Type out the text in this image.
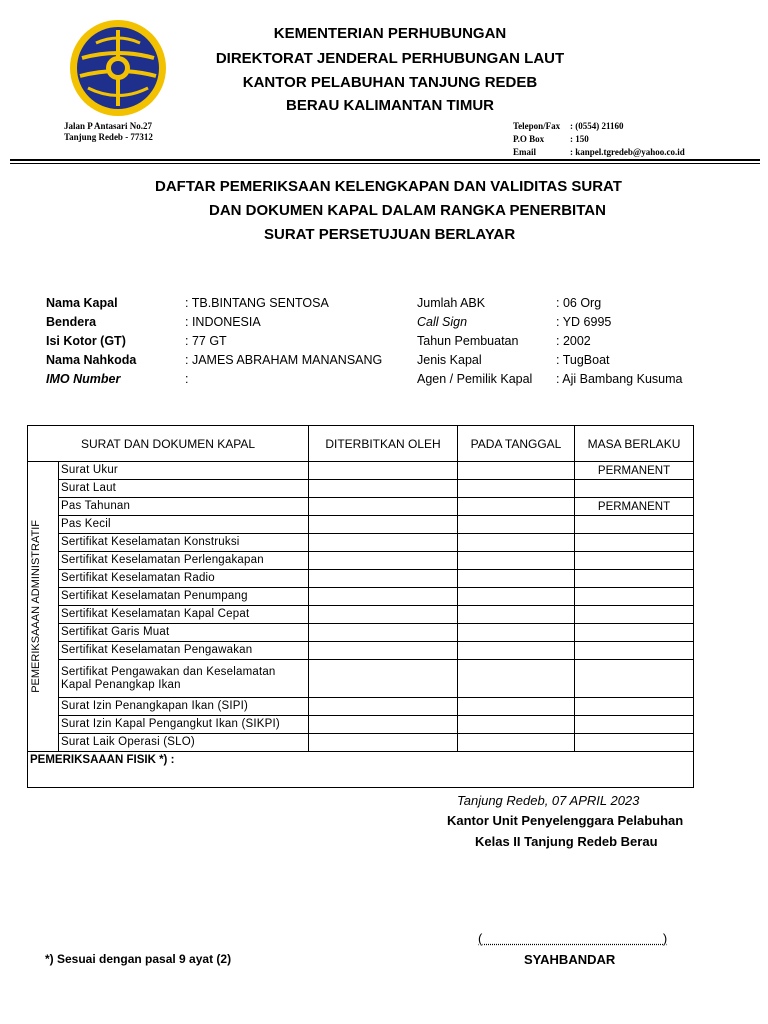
KEMENTERIAN PERHUBUNGAN
DIREKTORAT JENDERAL PERHUBUNGAN LAUT
KANTOR PELABUHAN TANJUNG REDEB
BERAU KALIMANTAN TIMUR
Jalan P Antasari No.27
Tanjung Redeb - 77312
Telepon/Fax : (0554) 21160
P.O Box	: 150
Email	: kanpel.tgredeb@yahoo.co.id
DAFTAR PEMERIKSAAN KELENGKAPAN DAN VALIDITAS SURAT
DAN DOKUMEN KAPAL DALAM RANGKA PENERBITAN
SURAT PERSETUJUAN BERLAYAR
Nama Kapal	: TB.BINTANG SENTOSA
Bendera	: INDONESIA
Isi Kotor (GT)	: 77 GT
Nama Nahkoda	: JAMES ABRAHAM MANANSANG
IMO Number	:
Jumlah ABK	: 06 Org
Call Sign	: YD 6995
Tahun Pembuatan	: 2002
Jenis Kapal	: TugBoat
Agen / Pemilik Kapal : Aji Bambang Kusuma
SURAT DAN DOKUMEN KAPAL		DITERBITKAN OLEH	PADA TANGGAL	MASA BERLAKU

PEMERIKSAAAN ADMINISTRATIF	Surat Ukur			PERMANENT
	Surat Laut			
	Pas Tahunan			PERMANENT
	Pas Kecil			
	Sertifikat Keselamatan Konstruksi			
	Sertifikat Keselamatan Perlengakapan			
	Sertifikat Keselamatan Radio			
	Sertifikat Keselamatan Penumpang			
	Sertifikat Keselamatan Kapal Cepat			
	Sertifikat Garis Muat			
	Sertifikat Keselamatan Pengawakan			
	Sertifikat Pengawakan dan Keselamatan Kapal Penangkap Ikan			
	Surat Izin Penangkapan Ikan (SIPI)			
	Surat Izin Kapal Pengangkut Ikan (SIKPI)			
	Surat Laik Operasi (SLO)			
PEMERIKSAAAN FISIK *) :				
Tanjung Redeb, 07 APRIL 2023
Kantor Unit Penyelenggara Pelabuhan
Kelas II Tanjung Redeb Berau
(                                                  )
SYAHBANDAR
*) Sesuai dengan pasal 9 ayat (2)
